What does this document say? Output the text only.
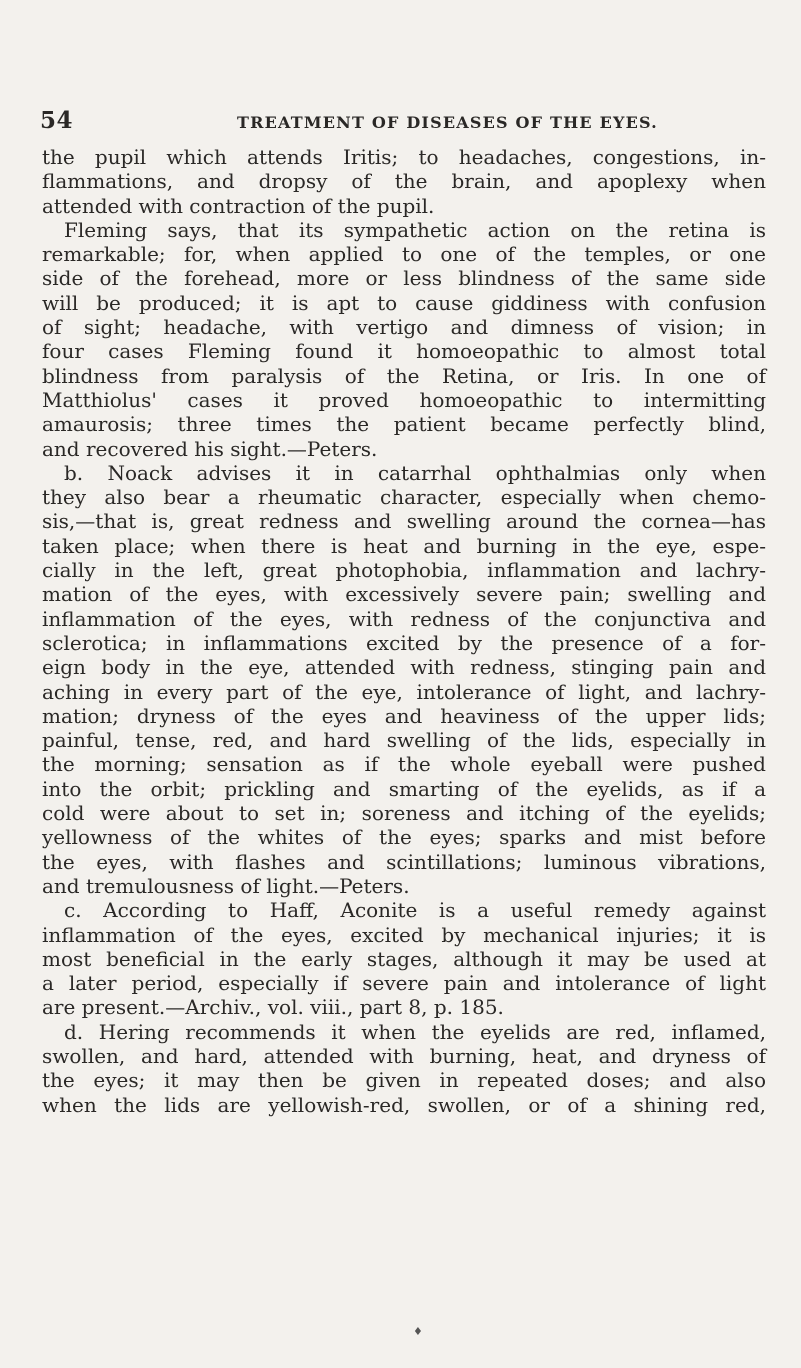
54	TREATMENT OF DISEASES OF THE EYES.
the pupil which attends Iritis; to headaches, congestions, in-
flammations, and dropsy of the brain, and apoplexy when
attended with contraction of the pupil.
Fleming says, that its sympathetic action on the retina is
remarkable; for, when applied to one of the temples, or one
side of the forehead, more or less blindness of the same side
will be produced; it is apt to cause giddiness with confusion
of sight; headache, with vertigo and dimness of vision; in
four cases Fleming found it homoeopathic to almost total
blindness from paralysis of the Retina, or Iris. In one of
Matthiolus' cases it proved homoeopathic to intermitting
amaurosis; three times the patient became perfectly blind,
and recovered his sight.—Peters.
b. Noack advises it in catarrhal ophthalmias only when
they also bear a rheumatic character, especially when chemo-
sis,—that is, great redness and swelling around the cornea—has
taken place; when there is heat and burning in the eye, espe-
cially in the left, great photophobia, inflammation and lachry-
mation of the eyes, with excessively severe pain; swelling and
inflammation of the eyes, with redness of the conjunctiva and
sclerotica; in inflammations excited by the presence of a for-
eign body in the eye, attended with redness, stinging pain and
aching in every part of the eye, intolerance of light, and lachry-
mation; dryness of the eyes and heaviness of the upper lids;
painful, tense, red, and hard swelling of the lids, especially in
the morning; sensation as if the whole eyeball were pushed
into the orbit; prickling and smarting of the eyelids, as if a
cold were about to set in; soreness and itching of the eyelids;
yellowness of the whites of the eyes; sparks and mist before
the eyes, with flashes and scintillations; luminous vibrations,
and tremulousness of light.—Peters.
c. According to Haff, Aconite is a useful remedy against
inflammation of the eyes, excited by mechanical injuries; it is
most beneficial in the early stages, although it may be used at
a later period, especially if severe pain and intolerance of light
are present.—Archiv., vol. viii., part 8, p. 185.
d. Hering recommends it when the eyelids are red, inflamed,
swollen, and hard, attended with burning, heat, and dryness of
the eyes; it may then be given in repeated doses; and also
when the lids are yellowish-red, swollen, or of a shining red,
♦
